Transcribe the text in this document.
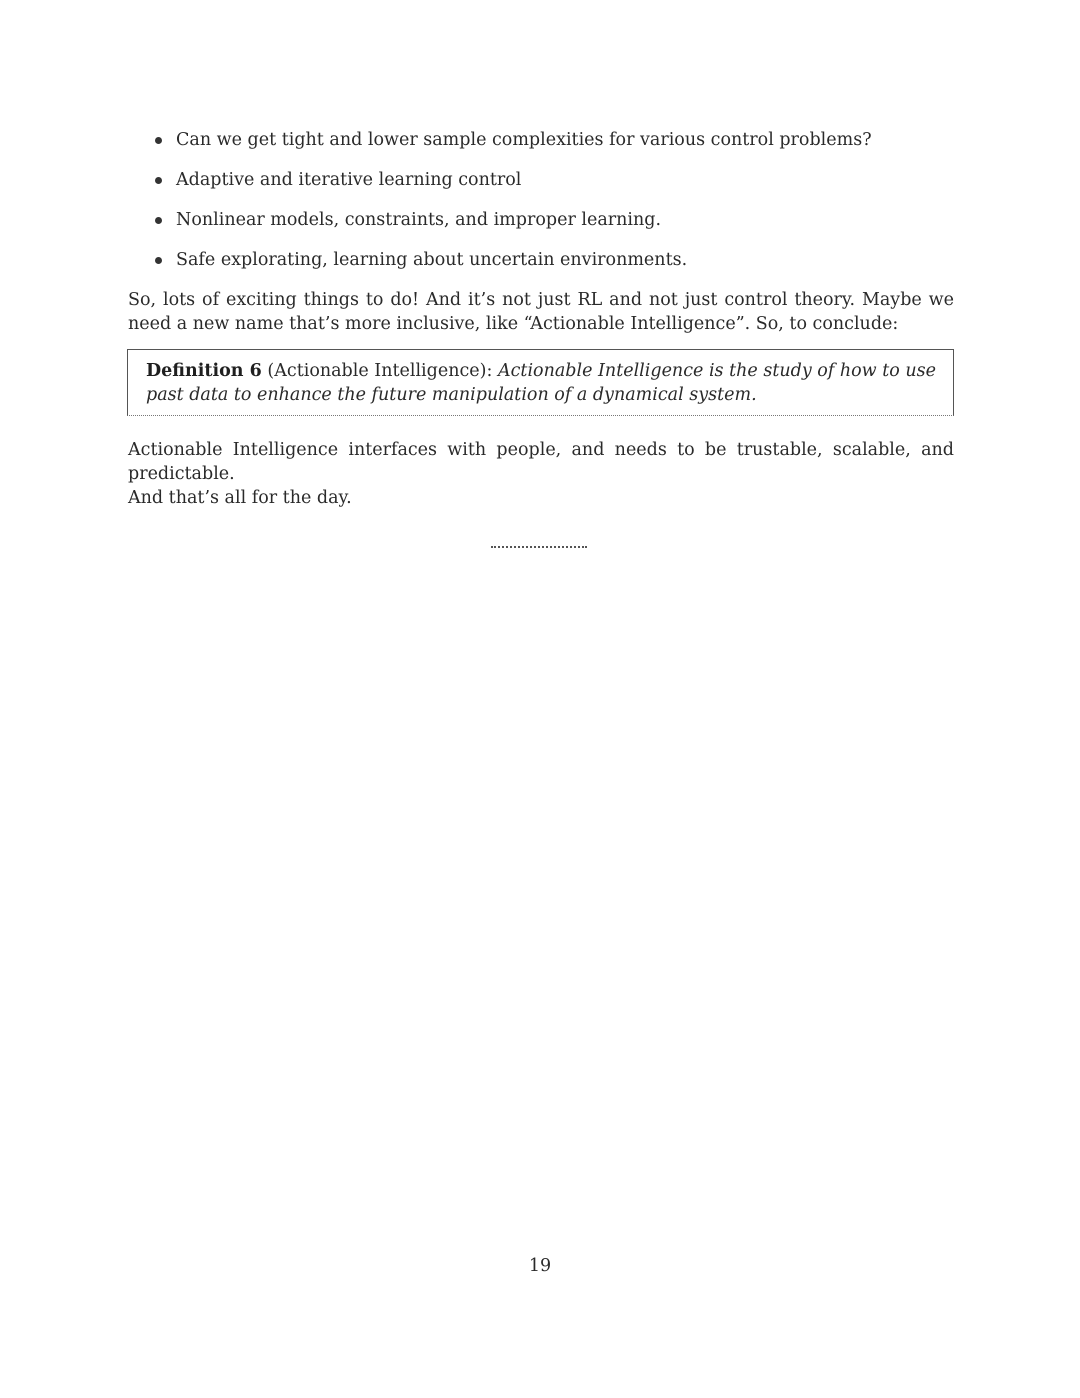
Can we get tight and lower sample complexities for various control problems?
Adaptive and iterative learning control
Nonlinear models, constraints, and improper learning.
Safe explorating, learning about uncertain environments.

So, lots of exciting things to do! And it’s not just RL and not just control theory. Maybe we need a new name that’s more inclusive, like “Actionable Intelligence”. So, to conclude:

Definition 6 (Actionable Intelligence): Actionable Intelligence is the study of how to use past data to enhance the future manipulation of a dynamical system.

Actionable Intelligence interfaces with people, and needs to be trustable, scalable, and predictable.

And that’s all for the day.

19
